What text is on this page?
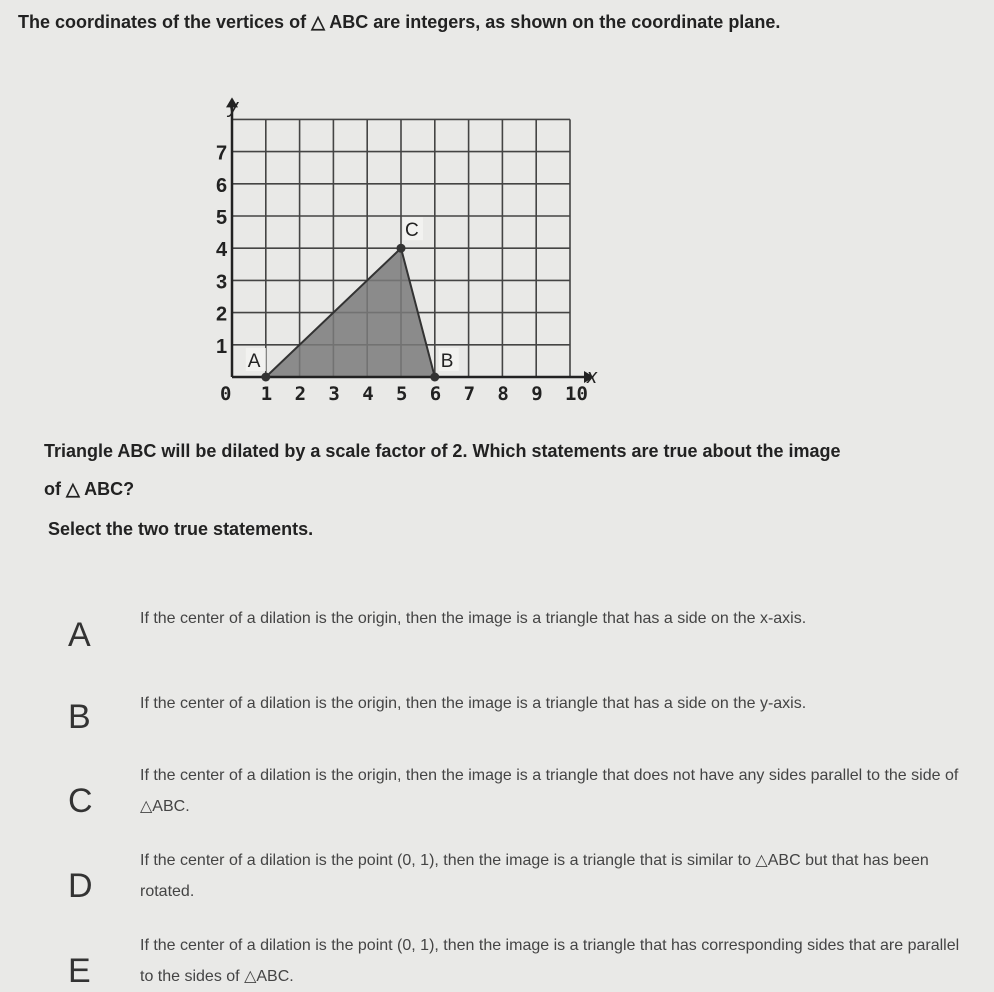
The coordinates of the vertices of △ ABC are integers, as shown on the coordinate plane.
1 2 3 4 5 6 7 8 9 10
1
2
3
4
5
6
7
A	B
C
y
x
0
Triangle ABC will be dilated by a scale factor of 2. Which statements are true about the image of △ ABC?
Select the two true statements.
A	If the center of a dilation is the origin, then the image is a triangle that has a side on the x-axis.
B	If the center of a dilation is the origin, then the image is a triangle that has a side on the y-axis.
C
If the center of a dilation is the origin, then the image is a triangle that does not have any sides parallel to the side of △ABC.
D
If the center of a dilation is the point (0, 1), then the image is a triangle that is similar to △ABC but that has been rotated.
E
If the center of a dilation is the point (0, 1), then the image is a triangle that has corresponding sides that are parallel to the sides of △ABC.
